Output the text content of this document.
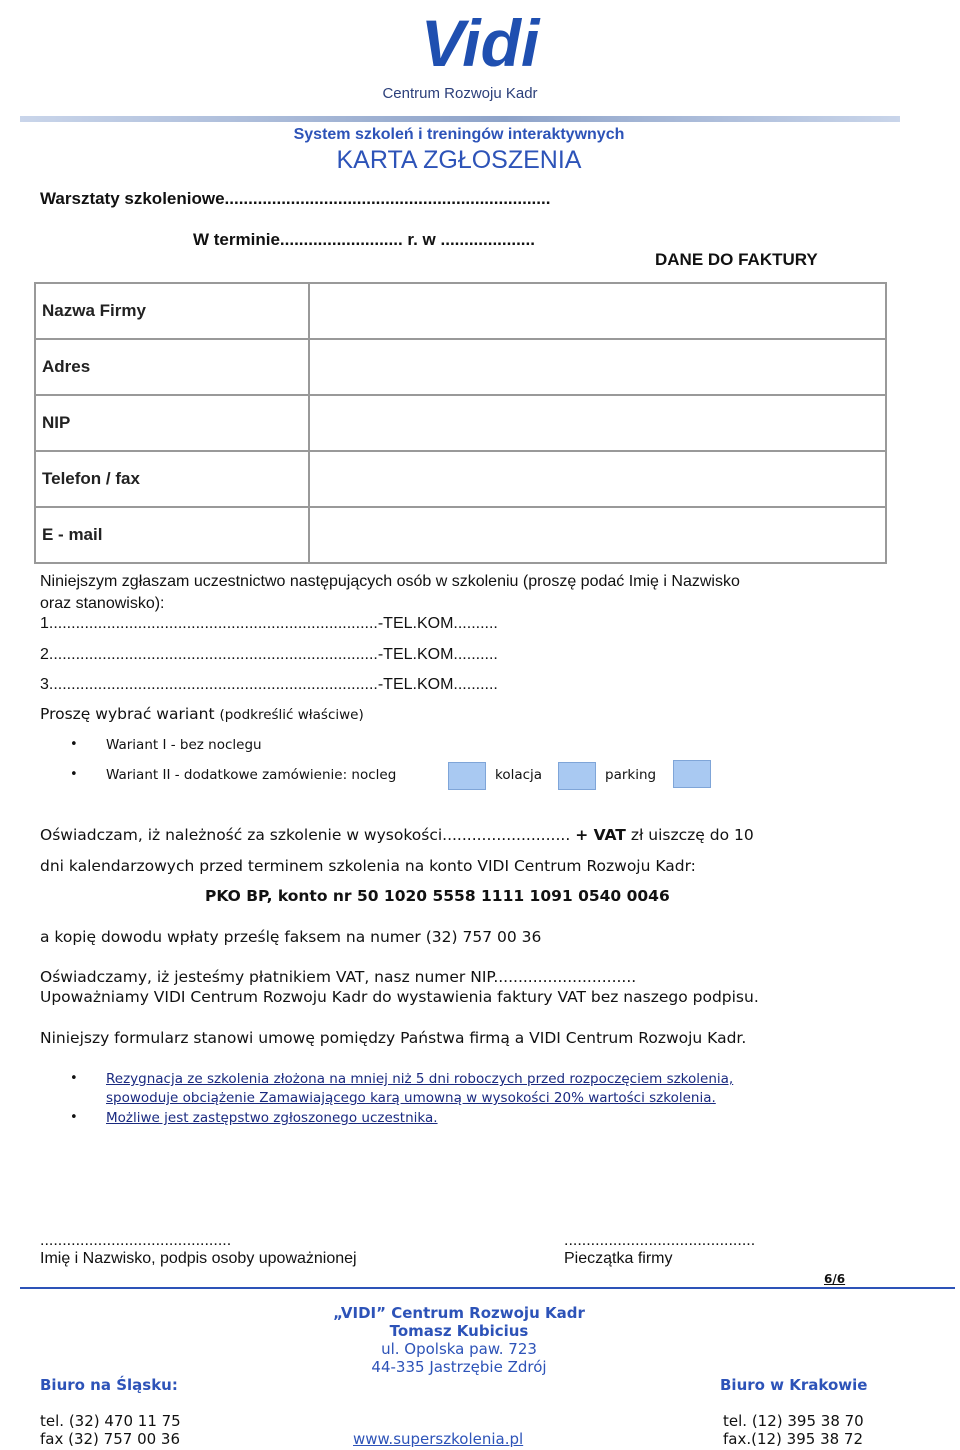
Vidi
Centrum Rozwoju Kadr
System szkoleń i treningów interaktywnych
KARTA ZGŁOSZENIA
Warsztaty szkoleniowe.....................................................................
W terminie.......................... r. w ....................
DANE DO FAKTURY
Nazwa Firmy	
Adres	
NIP	
Telefon / fax	
E - mail	
Niniejszym zgłaszam uczestnictwo następujących osób w szkoleniu (proszę podać Imię i Nazwisko
oraz stanowisko):
1..........................................................................-TEL.KOM..........
2..........................................................................-TEL.KOM..........
3..........................................................................-TEL.KOM..........
Proszę wybrać wariant (podkreślić właściwe)
• Wariant I - bez noclegu
• Wariant II - dodatkowe zamówienie: nocleg	kolacja	parking
Oświadczam, iż należność za szkolenie w wysokości.......................... + VAT zł uiszczę do 10
dni kalendarzowych przed terminem szkolenia na konto VIDI Centrum Rozwoju Kadr:
PKO BP, konto nr 50 1020 5558 1111 1091 0540 0046
a kopię dowodu wpłaty prześlę faksem na numer (32) 757 00 36
Oświadczamy, iż jesteśmy płatnikiem VAT, nasz numer NIP.............................
Upoważniamy VIDI Centrum Rozwoju Kadr do wystawienia faktury VAT bez naszego podpisu.
Niniejszy formularz stanowi umowę pomiędzy Państwa firmą a VIDI Centrum Rozwoju Kadr.
• Rezygnacja ze szkolenia złożona na mniej niż 5 dni roboczych przed rozpoczęciem szkolenia,
spowoduje obciążenie Zamawiającego karą umowną w wysokości 20% wartości szkolenia.
• Możliwe jest zastępstwo zgłoszonego uczestnika.
...........................................
Imię i Nazwisko, podpis osoby upoważnionej
...........................................
Pieczątka firmy
6/6
„VIDI” Centrum Rozwoju Kadr
Tomasz Kubicius
ul. Opolska paw. 723
44-335 Jastrzębie Zdrój
Biuro na Śląsku:	Biuro w Krakowie
tel. (32) 470 11 75
fax (32) 757 00 36	www.superszkolenia.pl
tel. (12) 395 38 70
fax.(12) 395 38 72
